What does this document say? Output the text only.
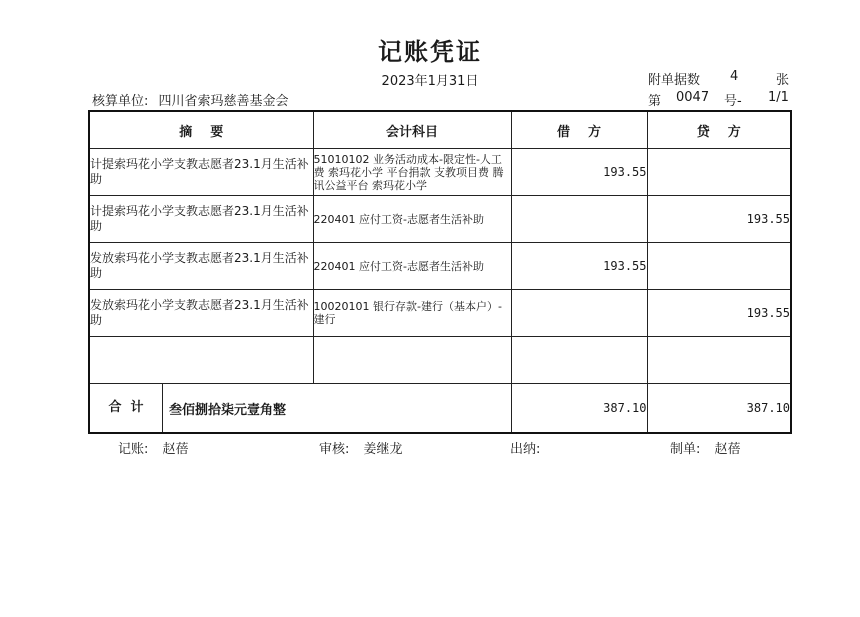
记账凭证
2023年1月31日	附单据数 4	张
核算单位: 四川省索玛慈善基金会	第 0047 号- 1/1
摘    要	会计科目	借    方	贷    方
计提索玛花小学支教志愿者23.1月生活补助	51010102 业务活动成本-限定性-人工费 索玛花小学 平台捐款 支教项目费 腾讯公益平台 索玛花小学	193.55	
计提索玛花小学支教志愿者23.1月生活补助	220401 应付工资-志愿者生活补助		193.55
发放索玛花小学支教志愿者23.1月生活补助	220401 应付工资-志愿者生活补助	193.55	
发放索玛花小学支教志愿者23.1月生活补助	10020101 银行存款-建行（基本户）-建行		193.55

合  计 叁佰捌拾柒元壹角整		387.10	387.10
记账: 赵蓓	审核: 姜继龙	出纳:	制单: 赵蓓
